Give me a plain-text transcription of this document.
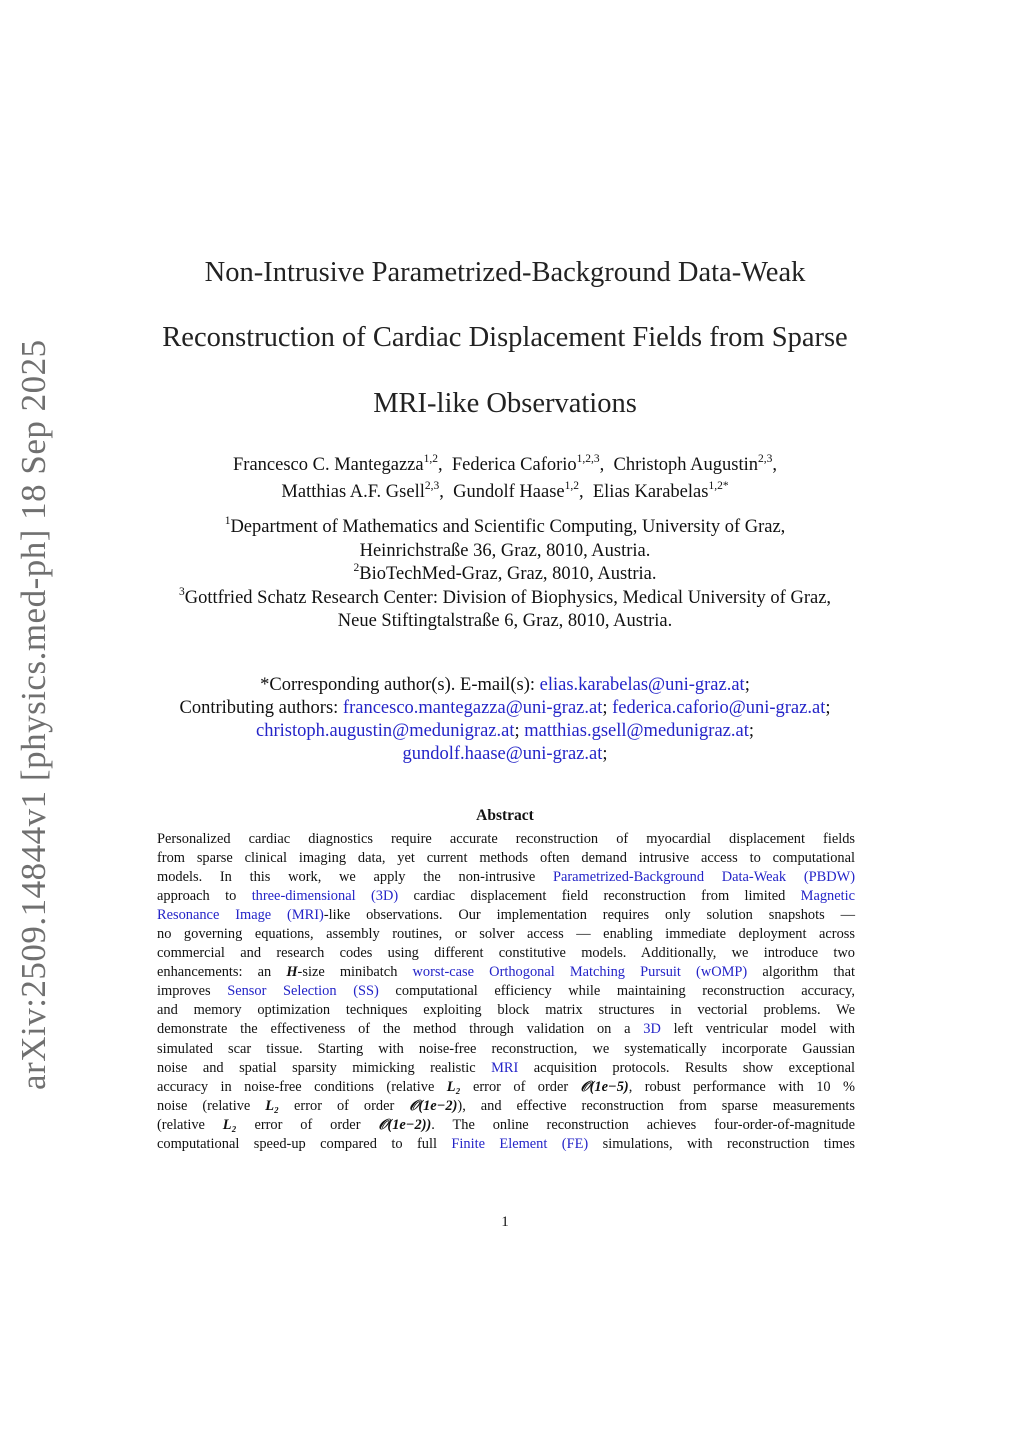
arXiv:2509.14844v1 [physics.med-ph] 18 Sep 2025
Non-Intrusive Parametrized-Background Data-Weak
Reconstruction of Cardiac Displacement Fields from Sparse
MRI-like Observations
Francesco C. Mantegazza$^{1,2}$,  Federica Caforio$^{1,2,3}$,  Christoph Augustin$^{2,3}$,
Matthias A.F. Gsell$^{2,3}$,  Gundolf Haase$^{1,2}$,  Elias Karabelas$^{1,2*}$
$^1$Department of Mathematics and Scientific Computing, University of Graz,
Heinrichstraße 36, Graz, 8010, Austria.
$^2$BioTechMed-Graz, Graz, 8010, Austria.
$^3$Gottfried Schatz Research Center: Division of Biophysics, Medical University of Graz,
Neue Stiftingtalstraße 6, Graz, 8010, Austria.
*Corresponding author(s). E-mail(s): elias.karabelas@uni-graz.at;
Contributing authors: francesco.mantegazza@uni-graz.at; federica.caforio@uni-graz.at;
christoph.augustin@medunigraz.at; matthias.gsell@medunigraz.at;
gundolf.haase@uni-graz.at;
Abstract
Personalized cardiac diagnostics require accurate reconstruction of myocardial displacement fields
from sparse clinical imaging data, yet current methods often demand intrusive access to computational
models. In this work, we apply the non-intrusive Parametrized-Background Data-Weak (PBDW)
approach to three-dimensional (3D) cardiac displacement field reconstruction from limited Magnetic
Resonance Image (MRI)-like observations. Our implementation requires only solution snapshots —
no governing equations, assembly routines, or solver access — enabling immediate deployment across
commercial and research codes using different constitutive models. Additionally, we introduce two
enhancements: an H-size minibatch worst-case Orthogonal Matching Pursuit (wOMP) algorithm that
improves Sensor Selection (SS) computational efficiency while maintaining reconstruction accuracy,
and memory optimization techniques exploiting block matrix structures in vectorial problems. We
demonstrate the effectiveness of the method through validation on a 3D left ventricular model with
simulated scar tissue. Starting with noise-free reconstruction, we systematically incorporate Gaussian
noise and spatial sparsity mimicking realistic MRI acquisition protocols. Results show exceptional
accuracy in noise-free conditions (relative L₂ error of order 𝒪(1e−5), robust performance with 10 %
noise (relative L₂ error of order 𝒪(1e−2)), and effective reconstruction from sparse measurements
(relative L₂ error of order 𝒪(1e−2)). The online reconstruction achieves four-order-of-magnitude
computational speed-up compared to full Finite Element (FE) simulations, with reconstruction times
1
